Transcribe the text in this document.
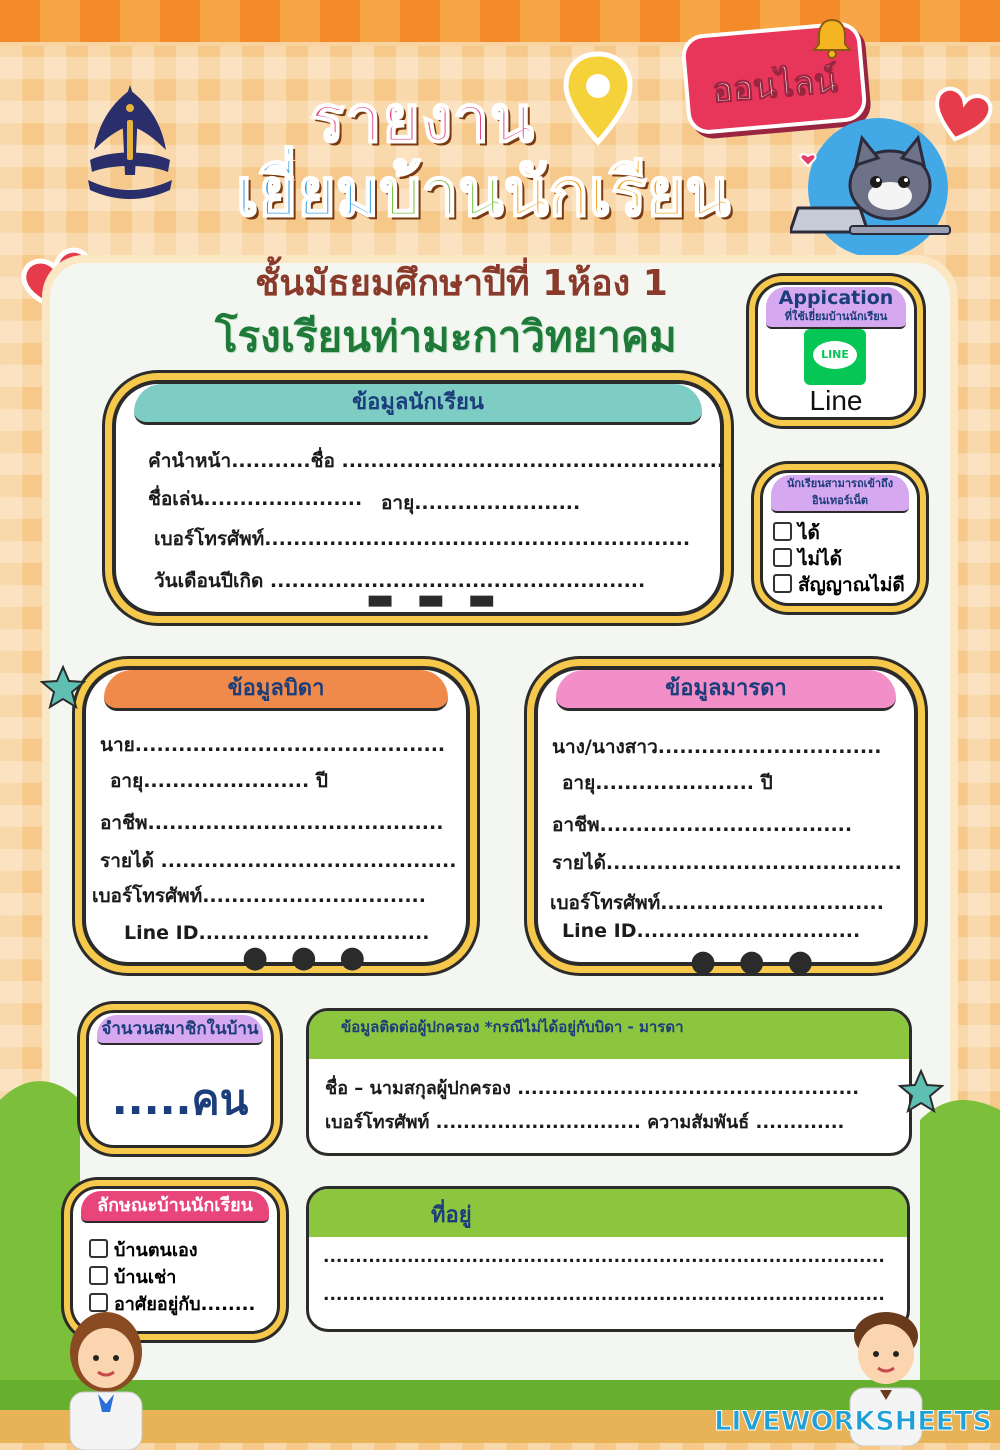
รายงาน
เยี่ยมบ้านนักเรียน
ออนไลน์
ชั้นมัธยมศึกษาปีที่ 1ห้อง 1
โรงเรียนท่ามะกาวิทยาคม
Appication
ที่ใช้เยี่ยมบ้านนักเรียน
LINE
Line
นักเรียนสามารถเข้าถึง
อินเทอร์เน็ต
ได้
ไม่ได้
สัญญาณไม่ดี
ข้อมูลนักเรียน
คำนำหน้า...........ชื่อ .....................................................
ชื่อเล่น...................... อายุ.......................
เบอร์โทรศัพท์...........................................................
วันเดือนปีเกิด ....................................................
▬ ▬ ▬
ข้อมูลบิดา
นาย...........................................
อายุ....................... ปี
อาชีพ.........................................
รายได้ .........................................
เบอร์โทรศัพท์...............................
Line ID................................
● ● ●
ข้อมูลมารดา
นาง/นางสาว...............................
อายุ...................... ปี
อาชีพ...................................
รายได้.........................................
เบอร์โทรศัพท์...............................
Line ID...............................
● ● ●
จำนวนสมาชิกในบ้าน
.....คน
ข้อมูลติดต่อผู้ปกครอง *กรณีไม่ได้อยู่กับบิดา - มารดา
ชื่อ – นามสกุลผู้ปกครอง ..................................................
เบอร์โทรศัพท์ .............................. ความสัมพันธ์ .............
ลักษณะบ้านนักเรียน
บ้านตนเอง
บ้านเช่า
อาศัยอยู่กับ........
ที่อยู่
.......................................................................................
.......................................................................................
LIVEWORKSHEETS
